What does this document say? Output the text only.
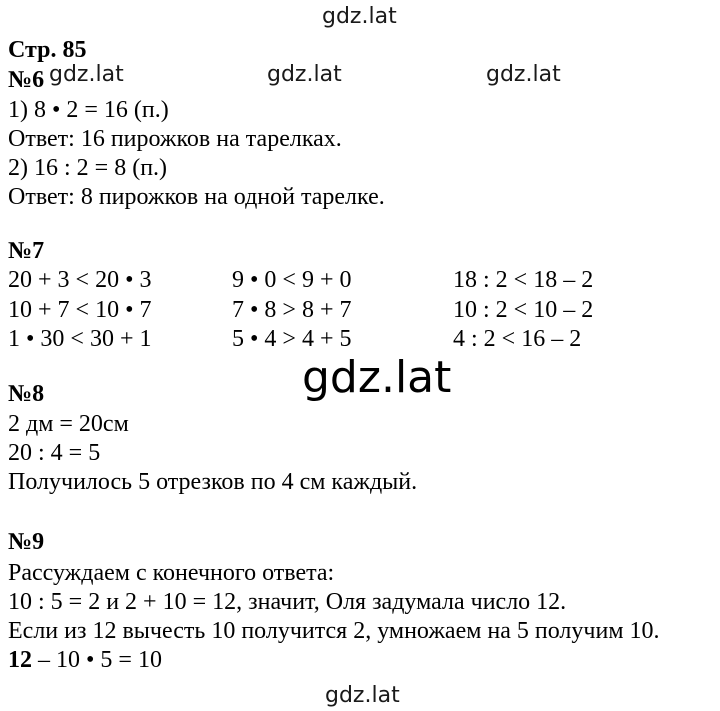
gdz.lat
Стр. 85
№6 gdz.lat	gdz.lat	gdz.lat
1) 8 • 2 = 16 (п.)
Ответ: 16 пирожков на тарелках.
2) 16 : 2 = 8 (п.)
Ответ: 8 пирожков на одной тарелке.
№7
20 + 3 < 20 • 3	9 • 0 < 9 + 0	18 : 2 < 18 – 2
10 + 7 < 10 • 7	7 • 8 > 8 + 7	10 : 2 < 10 – 2
1 • 30 < 30 + 1	5 • 4 > 4 + 5	4 : 2 < 16 – 2
gdz.lat
№8
2 дм = 20см
20 : 4 = 5
Получилось 5 отрезков по 4 см каждый.
№9
Рассуждаем с конечного ответа:
10 : 5 = 2 и 2 + 10 = 12, значит, Оля задумала число 12.
Если из 12 вычесть 10 получится 2, умножаем на 5 получим 10.
12 – 10 • 5 = 10
gdz.lat
